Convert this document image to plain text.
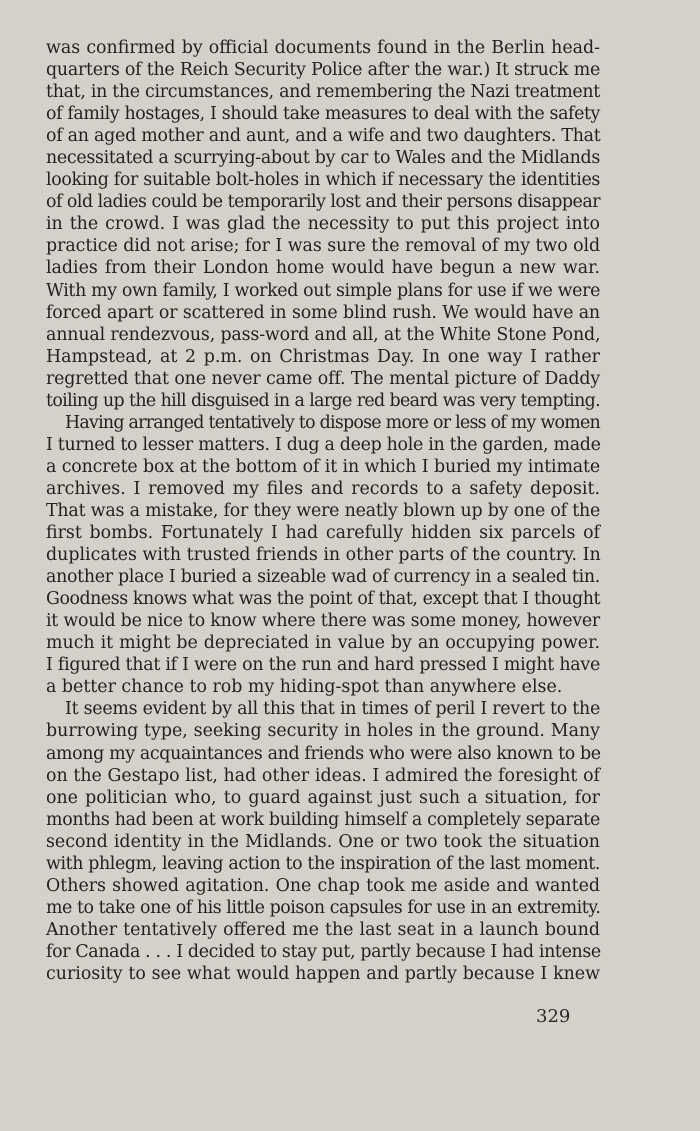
was confirmed by official documents found in the Berlin head-
quarters of the Reich Security Police after the war.) It struck me
that, in the circumstances, and remembering the Nazi treatment
of family hostages, I should take measures to deal with the safety
of an aged mother and aunt, and a wife and two daughters. That
necessitated a scurrying-about by car to Wales and the Midlands
looking for suitable bolt-holes in which if necessary the identities
of old ladies could be temporarily lost and their persons disappear
in the crowd. I was glad the necessity to put this project into
practice did not arise; for I was sure the removal of my two old
ladies from their London home would have begun a new war.
With my own family, I worked out simple plans for use if we were
forced apart or scattered in some blind rush. We would have an
annual rendezvous, pass-word and all, at the White Stone Pond,
Hampstead, at 2 p.m. on Christmas Day. In one way I rather
regretted that one never came off. The mental picture of Daddy
toiling up the hill disguised in a large red beard was very tempting.
Having arranged tentatively to dispose more or less of my women
I turned to lesser matters. I dug a deep hole in the garden, made
a concrete box at the bottom of it in which I buried my intimate
archives. I removed my files and records to a safety deposit.
That was a mistake, for they were neatly blown up by one of the
first bombs. Fortunately I had carefully hidden six parcels of
duplicates with trusted friends in other parts of the country. In
another place I buried a sizeable wad of currency in a sealed tin.
Goodness knows what was the point of that, except that I thought
it would be nice to know where there was some money, however
much it might be depreciated in value by an occupying power.
I figured that if I were on the run and hard pressed I might have
a better chance to rob my hiding-spot than anywhere else.
It seems evident by all this that in times of peril I revert to the
burrowing type, seeking security in holes in the ground. Many
among my acquaintances and friends who were also known to be
on the Gestapo list, had other ideas. I admired the foresight of
one politician who, to guard against just such a situation, for
months had been at work building himself a completely separate
second identity in the Midlands. One or two took the situation
with phlegm, leaving action to the inspiration of the last moment.
Others showed agitation. One chap took me aside and wanted
me to take one of his little poison capsules for use in an extremity.
Another tentatively offered me the last seat in a launch bound
for Canada . . . I decided to stay put, partly because I had intense
curiosity to see what would happen and partly because I knew
329
